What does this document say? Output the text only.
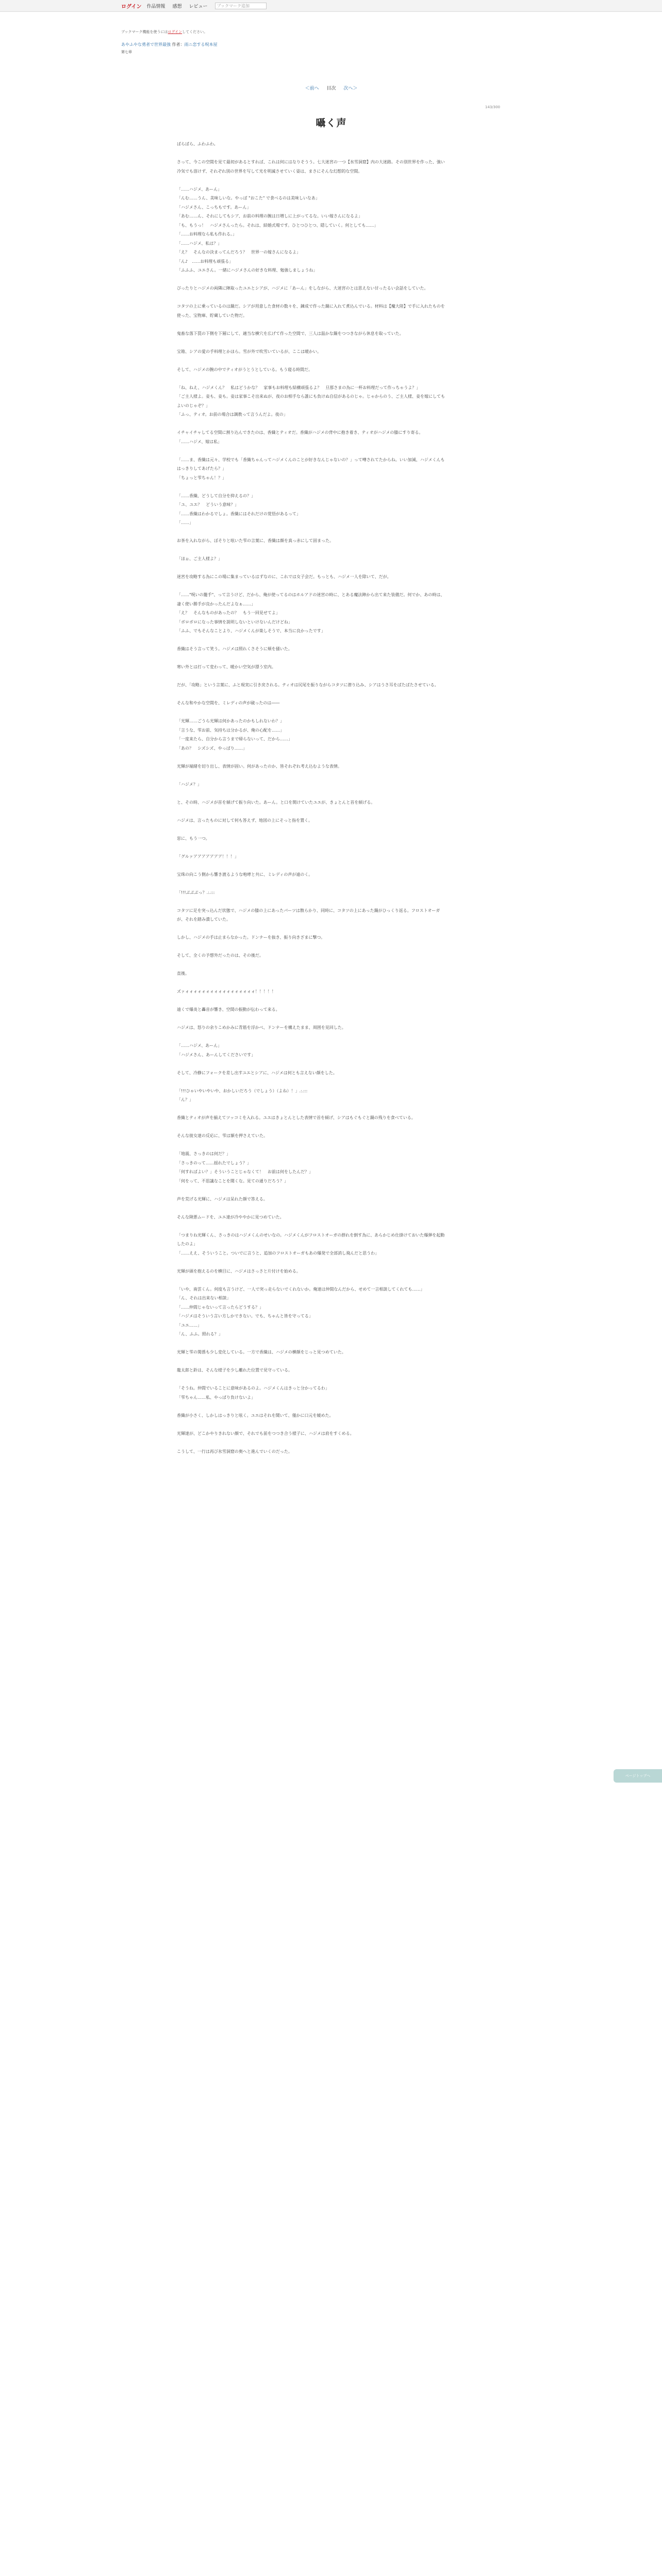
ログイン 作品情報 感想 レビュー	ブックマーク追加
ブックマーク機能を使うにはログインしてください。
あやふやな勇者で世界最強 作者：雨ニ恋する呪本屋
第七章
＜前へ 目次 次へ＞
143/300
囁く声

ぱらぱら、ふわふわ。

さって、今この空間を見て最初があるとすれば、これは何にはなりそうう。七大迷宮の一つ【氷雪洞窟】内の大迷路。その別世界を作った、強い冷気でも溶けず、それぞれ別の世界を写して光を明滅させていく姿は、まさにそんな幻想的な空間。

「……ハジメ、あーん」

「んむ……うん、美味しいな。やっぱ "おこた" で食べるのは美味しいなあ」

「ハジメさん、こっちもです。あーん」

「あむ……ん、それにしてもシア、お前の料理の腕は日増しに上がってるな。いい嫁さんになるよ」

「も、もうっ！　ハジメさんったら。それは、結婚式場です。ひとつひとつ、隠していく。何としても……」

「……お料理なら私も作れる。」

「……ハジメ、私は？」

「え？　そんなの決まってんだろう？　世界一の嫁さんになるよ」

「ん♪　……お料理も頑張る」

「ふふふ、ユエさん。一緒にハジメさんの好きな料理、勉強しましょうね」

ぴったりとハジメの両隣に陣取ったユエとシアが、ハジメに「あーん」をしながら、大迷宮のとは思えない甘ったるい会話をしていた。

コタツの上に乗っているのは鍋だ。シアが用意した食材の数々を、錬成で作った鍋に入れて煮込んでいる。材料は【魔大陸】で手に入れたものを使った、宝物庫、貯蔵していた物だ。

鬼畜な落下罠の下側を下層にして、適当な横穴を広げて作った空間で、三人は温かな鍋をつつきながら休息を取っていた。

宝箱、シアの愛の手料理とかほら。雪が外で吹雪いているが、ここは暖かい。

そして、ハジメの腕の中でティオがうとうとしている。もう寝る時間だ。

「ね、ねえ、ハジメくん？　私はどうかな？　家事もお料理も結構頑張るよ？　旦那さまの為に一杯お料理だって作っちゃうよ？」

「ご主人様よ。妾も、妾も。妾は家事こそ出来ぬが、夜のお相手なら誰にも負けぬ自信があるのじゃ。じゃからのう、ご主人様、妾を嫁にしてもよいのじゃぞ？」

「ふっ、ティオ。お前の場合は調教って言うんだよ。夜の」

イチャイチャしてる空間に割り込んできたのは、香織とティオだ。香織がハジメの背中に抱き着き、ティオがハジメの膝にすり寄る。

「……ハジメ、嫁は私」

「……ま、香織は元々、学校でも「香織ちゃんってハジメくんのことが好きなんじゃないの？」って噂されてたからね。いい加減、ハジメくんもはっきりしてあげたら？」

「ちょっと雫ちゃん！？」

「……香織、どうして自分を抑えるの？」

「ユ、ユエ？　どういう意味？」

「……香織はわかるでしょ。香織にはそれだけの覚悟があるって」

「……」

お茶を入れながら、ぼそりと呟いた雫の言葉に、香織は顔を真っ赤にして固まった。

「ほぉ、ご主人様よ？」

迷宮を攻略する為にこの場に集まっているはずなのに、これでは女子会だ。もっとも、ハジメ一人を除いて、だが。

「……"呪いの籠手"、って言うけど、だから、俺が使ってるのはホルアドの迷宮の時に、とある魔法陣から出て来た装備だ。何でか、あの時は、凄く使い勝手が良かったんだよなぁ……」

「え？　そんなものがあったの？　もう一回見せてよ」

「ボロボロになった事情を説明しないといけないんだけどね」

「ふふ、でもそんなことより、ハジメくんが楽しそうで、本当に良かったです」

香織はそう言って笑う。ハジメは照れくさそうに頬を掻いた。

寒い外とは打って変わって、暖かい空気が漂う室内。

だが、「攻略」という言葉に、ふと現実に引き戻される。ティオは尻尾を振りながらコタツに潜り込み、シアはうさ耳をぱたぱたさせている。

そんな和やかな空間を、ミレディの声が破ったのは――

「光輝……ごうら光輝は何かあったのかもしれないわ？」

「言うな、雫お前、気持ちは分かるが、俺の心配を……」

「一度来たら、自分から言うまで帰らないって、だから……」

「あの？　シズシズ、やっぱり……」

光輝が端緒を切り出し、表情が固い。何があったのか、皆それぞれ考え込むような表情。

「ハジメ？」

と、その時、ハジメが首を傾げて振り向いた。あーん。と口を開けていたユエが、きょとんと首を傾げる。

ハジメは、言ったものに対して何も答えず、地図の上にそっと指を置く。

窓に、もう一つ。

「グルァアアアアアアア！！！」

宝珠の向こう側から響き渡るような咆哮と共に、ミレディの声が遠のく。

「!!!ぶぶぶっ？.:.:::

コタツに足を突っ込んだ状態で、ハジメの膝の上にあったパーツは散らかり、同時に、コタツの上にあった鍋がひっくり返る。フロストオーガが、それを踏み潰していた。

しかし、ハジメの手は止まらなかった。ドンナーを抜き、振り向きざまに撃つ。

そして、全くの予想外だったのは、その後だ。

直後。

ズァォォォォォォォォォォォォォォォォォ！！！！！

遠くで爆炎と轟音が響き、空間の振動が伝わって来る。

ハジメは、怒りの余りこめかみに青筋を浮かべ、ドンナーを構えたまま、周囲を見回した。

「……ハジメ、あーん」

「ハジメさん、あーんしてくださいです」

そして、冷静にフォークを差し出すユエとシアに、ハジメは何とも言えない顔をした。

「!!!ひゃいやいやいや、おかしいだろう（でしょう）（よね）！」.:.:::

「ん？」

香織とティオが声を揃えてツッコミを入れる。ユエはきょとんとした表情で首を傾げ、シアはもぐもぐと鍋の残りを食べている。

そんな彼女達の反応に、雫は額を押さえていた。

「地震、さっきのは何だ？」

「さっきのって……揺れたでしょう？」

「何すればよい？」そういうことじゃなくて！　お前は何をしたんだ？」

「何をって、不思議なことを聞くな。見ての通りだろう？」

声を荒げる光輝に、ハジメは呆れた顔で答える。

そんな険悪ムードを、ユエ達が冷ややかに見つめていた。

「つまりね光輝くん、さっきのはハジメくんのせいなの。ハジメくんがフロストオーガの群れを倒す為に、あらかじめ仕掛けておいた爆弾を起動したのよ」

「……ええ、そういうこと。ついでに言うと、追加のフロストオーガもあの爆発で全部消し飛んだと思うわ」

光輝が頭を抱えるのを横目に、ハジメはさっさと片付けを始める。

「いや、南雲くん。何度も言うけど、一人で突っ走らないでくれないか。俺達は仲間なんだから、せめて一言相談してくれても……」

「ん、それは出来ない相談」

「……仲間じゃないって言ったらどうする？」

「ハジメはそういう言い方しかできない。でも、ちゃんと皆を守ってる」

「ユエ……」

「ん、ふふ。照れる？」

光輝と雫の関係も少し変化している。一方で香織は、ハジメの横顔をじっと見つめていた。

龍太郎と鈴は、そんな様子を少し離れた位置で見守っている。

「そうね。仲間でいることに意味があるのよ。ハジメくんはきっと分かってるわ」

「雫ちゃん……私、やっぱり負けないよ」

香織が小さく、しかしはっきりと呟く。ユエはそれを聞いて、僅かに口元を緩めた。

光輝達が、どこかやりきれない顔で、それでも前をつつき合う様子に、ハジメは肩をすくめる。

こうして、一行は再び氷雪洞窟の奥へと進んでいくのだった。

ページトップへ
